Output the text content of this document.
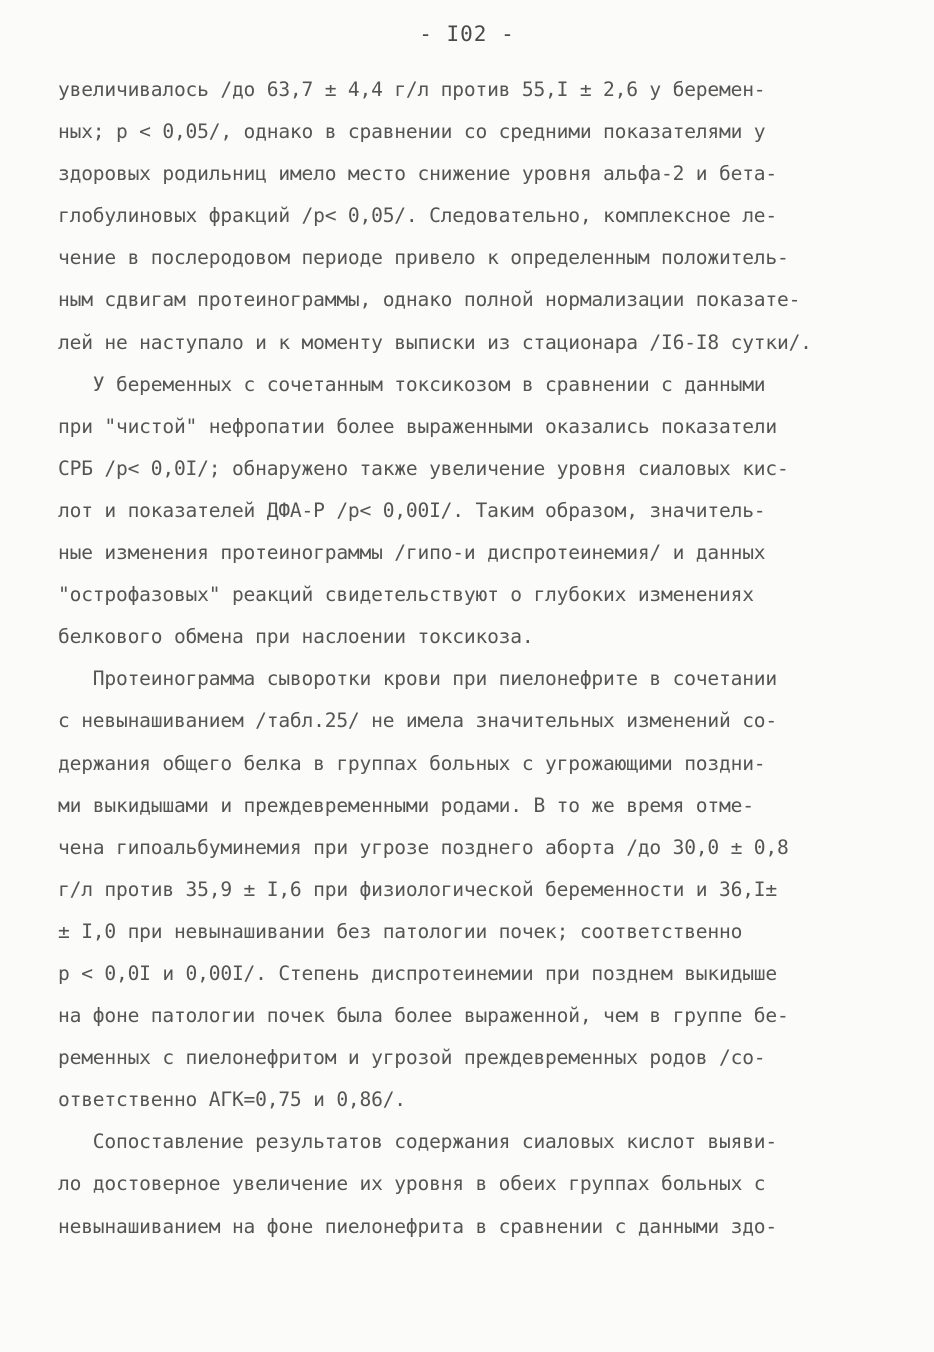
- I02 -
увеличивалось /до 63,7 ± 4,4 г/л против 55,I ± 2,6 у беремен-
ных; р < 0,05/, однако в сравнении со средними показателями у
здоровых родильниц имело место снижение уровня альфа-2 и бета-
глобулиновых фракций /р< 0,05/. Следовательно, комплексное ле-
чение в послеродовом периоде привело к определенным положитель-
ным сдвигам протеинограммы, однако полной нормализации показате-
лей не наступало и к моменту выписки из стационара /I6-I8 сутки/.
У беременных с сочетанным токсикозом в сравнении с данными
при "чистой" нефропатии более выраженными оказались показатели
СРБ /р< 0,0I/; обнаружено также увеличение уровня сиаловых кис-
лот и показателей ДФА-Р /р< 0,00I/. Таким образом, значитель-
ные изменения протеинограммы /гипо-и диспротеинемия/ и данных
"острофазовых" реакций свидетельствуют о глубоких изменениях
белкового обмена при наслоении токсикоза.
Протеинограмма сыворотки крови при пиелонефрите в сочетании
с невынашиванием /табл.25/ не имела значительных изменений со-
держания общего белка в группах больных с угрожающими поздни-
ми выкидышами и преждевременными родами. В то же время отме-
чена гипоальбуминемия при угрозе позднего аборта /до 30,0 ± 0,8
г/л против 35,9 ± I,6 при физиологической беременности и 36,I±
± I,0 при невынашивании без патологии почек; соответственно
р < 0,0I и 0,00I/. Степень диспротеинемии при позднем выкидыше
на фоне патологии почек была более выраженной, чем в группе бе-
ременных с пиелонефритом и угрозой преждевременных родов /со-
ответственно АГК=0,75 и 0,86/.
Сопоставление результатов содержания сиаловых кислот выяви-
ло достоверное увеличение их уровня в обеих группах больных с
невынашиванием на фоне пиелонефрита в сравнении с данными здо-
